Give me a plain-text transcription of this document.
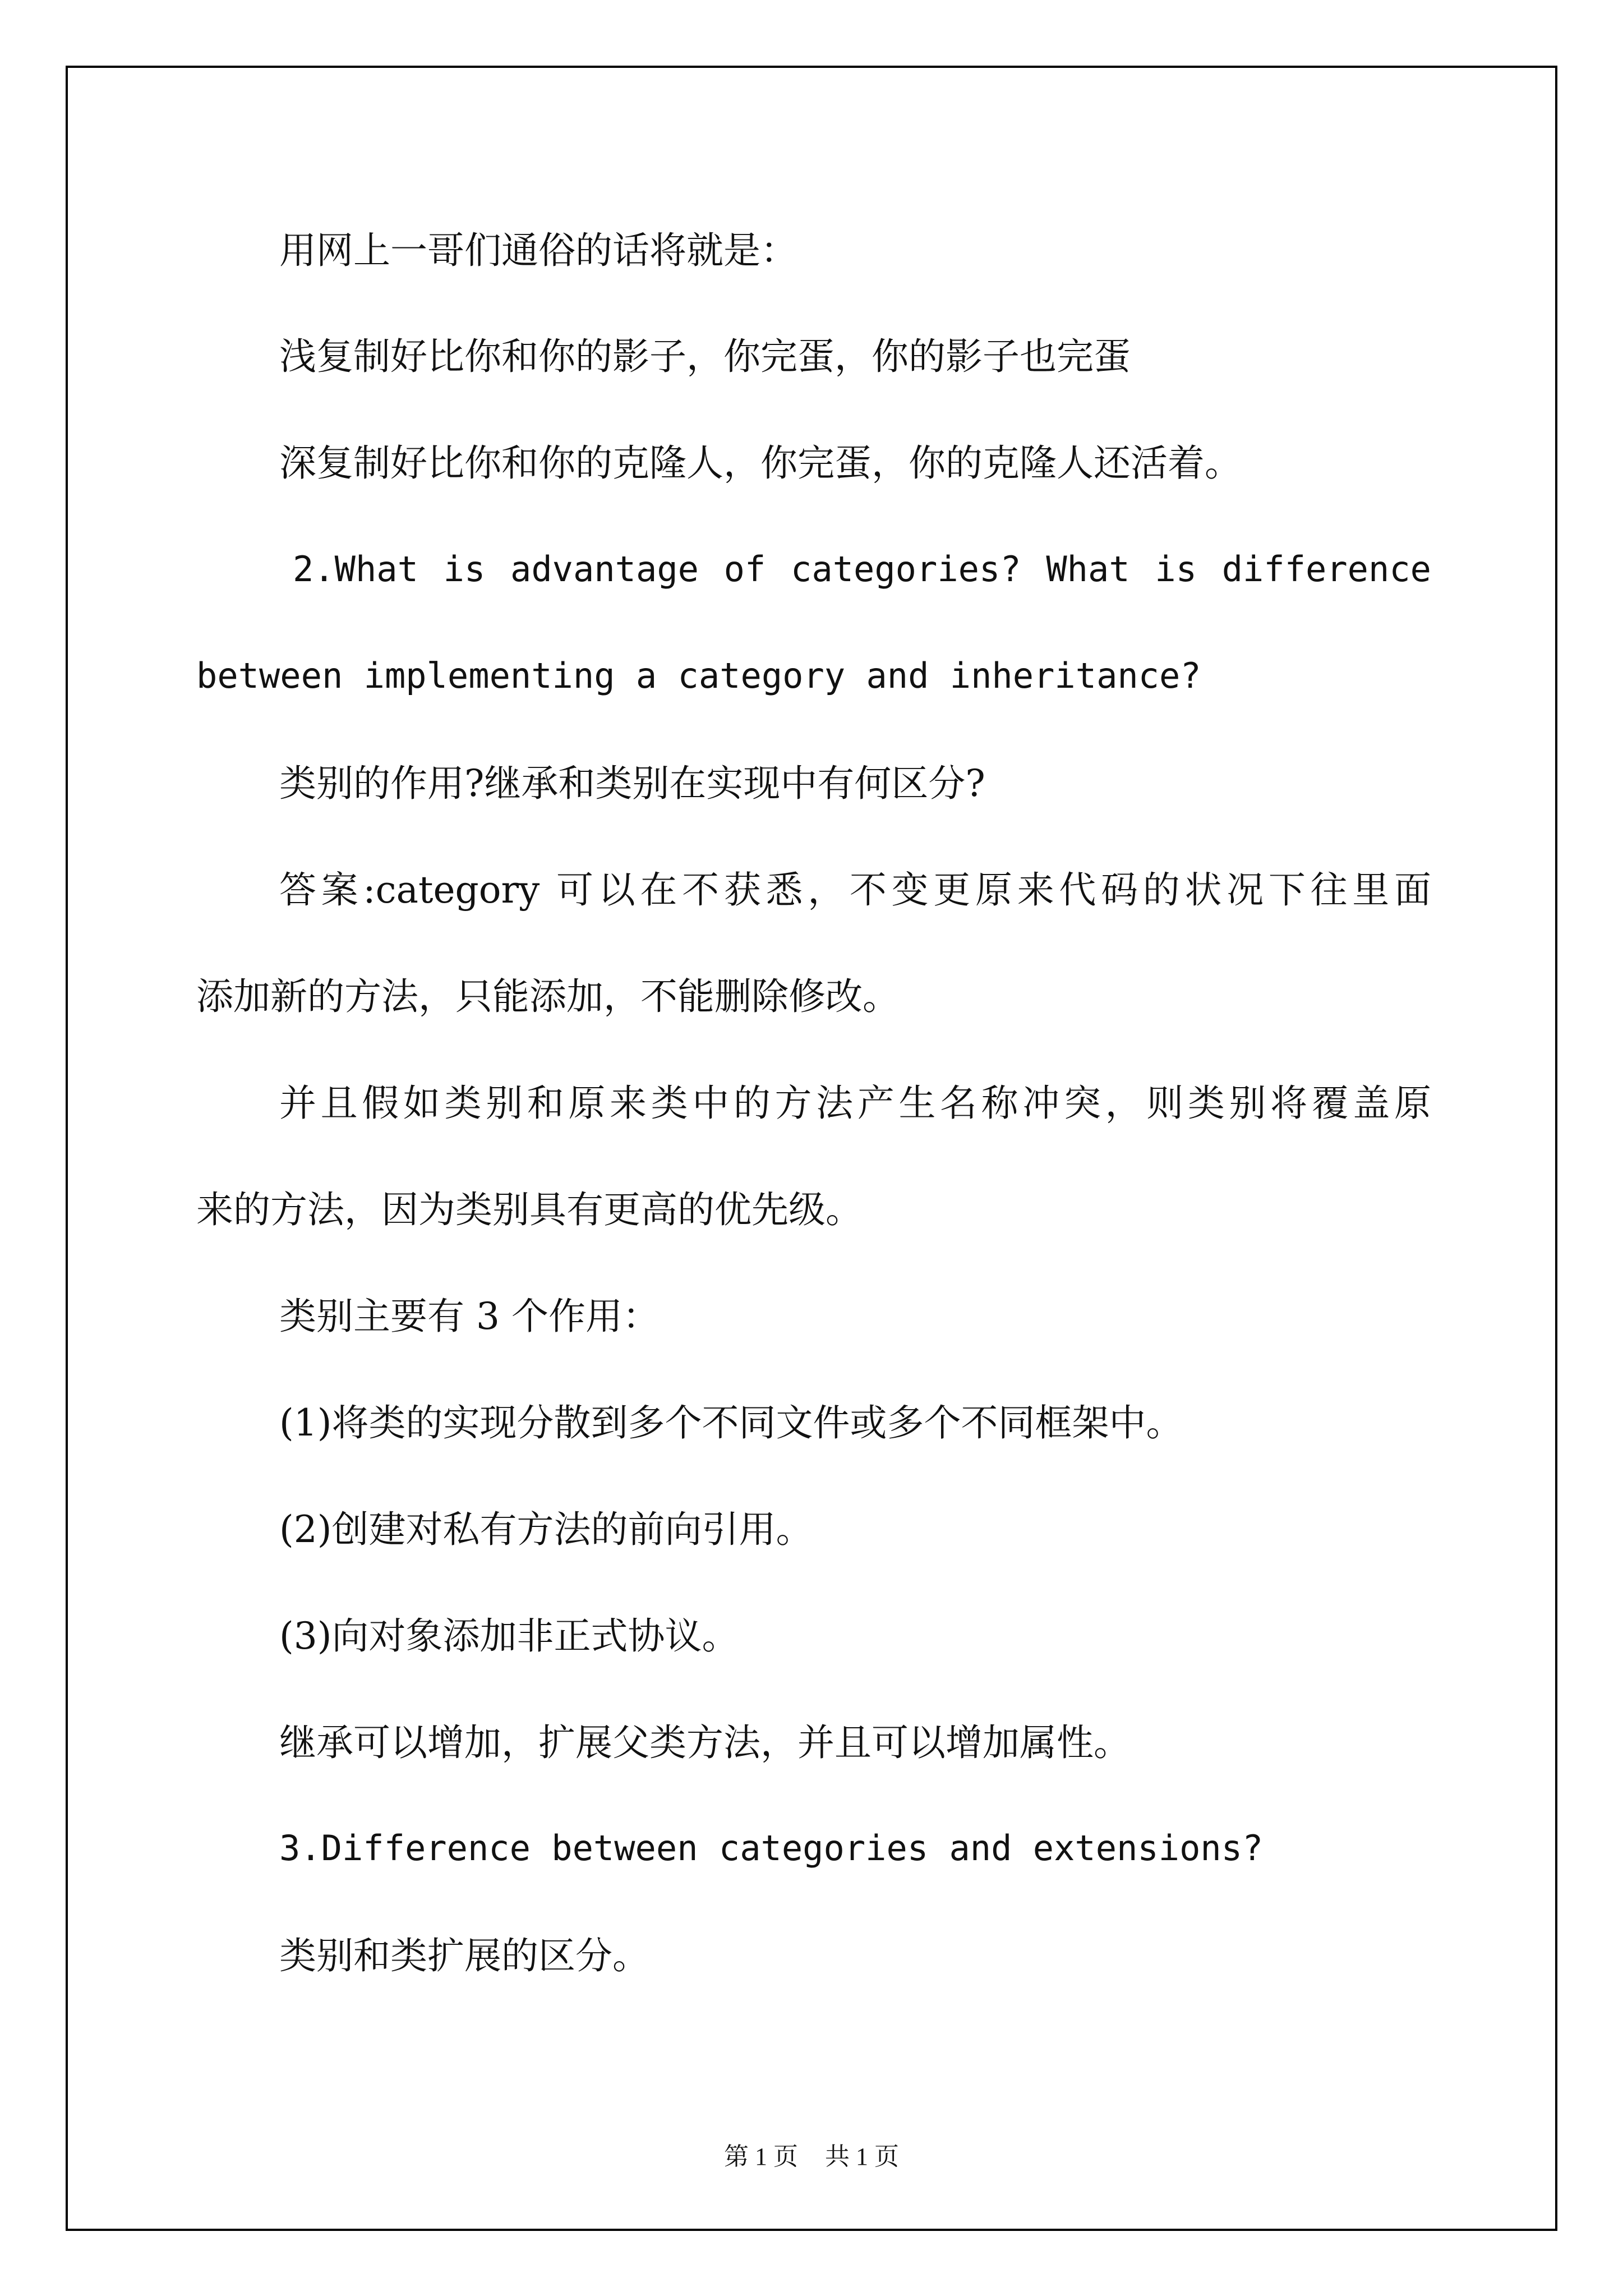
用网上一哥们通俗的话将就是：
浅复制好比你和你的影子，你完蛋，你的影子也完蛋
深复制好比你和你的克隆人，你完蛋，你的克隆人还活着。
2.What is advantage of categories? What is difference
between implementing a category and inheritance?
类别的作用?继承和类别在实现中有何区分?
答案:category 可以在不获悉，不变更原来代码的状况下往里面
添加新的方法，只能添加，不能删除修改。
并且假如类别和原来类中的方法产生名称冲突，则类别将覆盖原
来的方法，因为类别具有更高的优先级。
类别主要有 3 个作用：
(1)将类的实现分散到多个不同文件或多个不同框架中。
(2)创建对私有方法的前向引用。
(3)向对象添加非正式协议。
继承可以增加，扩展父类方法，并且可以增加属性。
3.Difference between categories and extensions?
类别和类扩展的区分。
第 1 页 共 1 页
